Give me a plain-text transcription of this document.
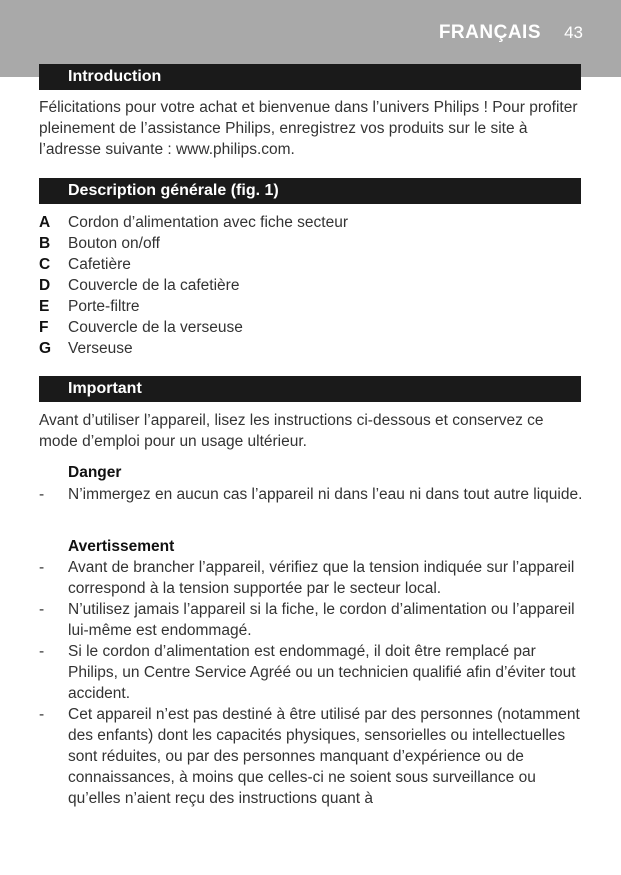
FRANÇAIS 43
Introduction

Félicitations pour votre achat et bienvenue dans l’univers Philips ! Pour profiter pleinement de l’assistance Philips, enregistrez vos produits sur le site à l’adresse suivante : www.philips.com.

Description générale (fig. 1)
A	Cordon d’alimentation avec fiche secteur
B	Bouton on/off
C	Cafetière
D	Couvercle de la cafetière
E	Porte-filtre
F	Couvercle de la verseuse
G	Verseuse
Important

Avant d’utiliser l’appareil, lisez les instructions ci-dessous et conservez ce mode d’emploi pour un usage ultérieur.

Danger
- N’immergez en aucun cas l’appareil ni dans l’eau ni dans tout autre liquide.
Avertissement
- Avant de brancher l’appareil, vérifiez que la tension indiquée sur l’appareil correspond à la tension supportée par le secteur local.
- N’utilisez jamais l’appareil si la fiche, le cordon d’alimentation ou l’appareil lui-même est endommagé.
- Si le cordon d’alimentation est endommagé, il doit être remplacé par Philips, un Centre Service Agréé ou un technicien qualifié afin d’éviter tout accident.
- Cet appareil n’est pas destiné à être utilisé par des personnes (notamment des enfants) dont les capacités physiques, sensorielles ou intellectuelles sont réduites, ou par des personnes manquant d’expérience ou de connaissances, à moins que celles-ci ne soient sous surveillance ou qu’elles n’aient reçu des instructions quant à
